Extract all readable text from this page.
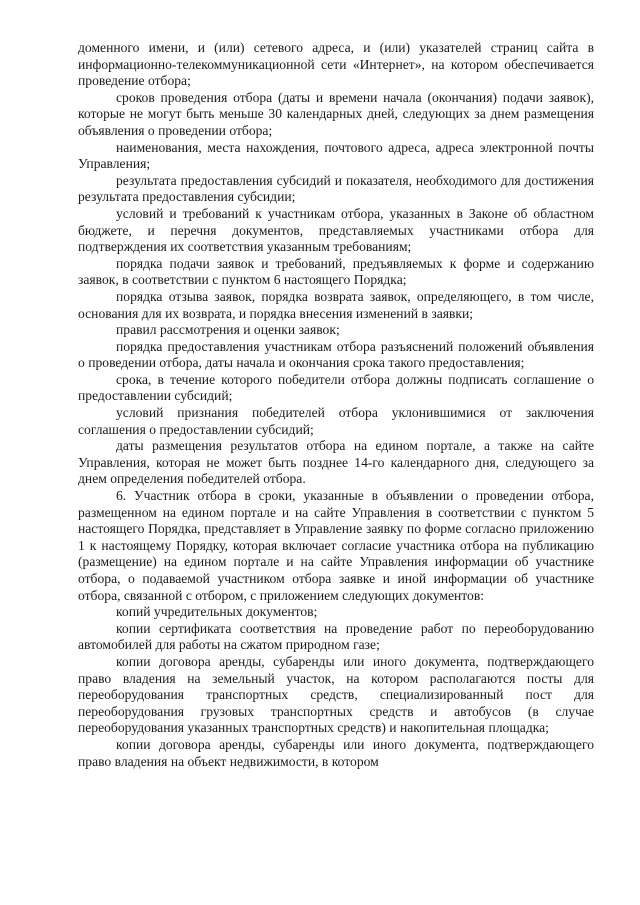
доменного имени, и (или) сетевого адреса, и (или) указателей страниц сайта в информационно-телекоммуникационной сети «Интернет», на котором обеспечивается проведение отбора;

сроков проведения отбора (даты и времени начала (окончания) подачи заявок), которые не могут быть меньше 30 календарных дней, следующих за днем размещения объявления о проведении отбора;

наименования, места нахождения, почтового адреса, адреса электронной почты Управления;

результата предоставления субсидий и показателя, необходимого для достижения результата предоставления субсидии;

условий и требований к участникам отбора, указанных в Законе об областном бюджете, и перечня документов, представляемых участниками отбора для подтверждения их соответствия указанным требованиям;

порядка подачи заявок и требований, предъявляемых к форме и содержанию заявок, в соответствии с пунктом 6 настоящего Порядка;

порядка отзыва заявок, порядка возврата заявок, определяющего, в том числе, основания для их возврата, и порядка внесения изменений в заявки;

правил рассмотрения и оценки заявок;

порядка предоставления участникам отбора разъяснений положений объявления о проведении отбора, даты начала и окончания срока такого предоставления;

срока, в течение которого победители отбора должны подписать соглашение о предоставлении субсидий;

условий признания победителей отбора уклонившимися от заключения соглашения о предоставлении субсидий;

даты размещения результатов отбора на едином портале, а также на сайте Управления, которая не может быть позднее 14-го календарного дня, следующего за днем определения победителей отбора.

6. Участник отбора в сроки, указанные в объявлении о проведении отбора, размещенном на едином портале и на сайте Управления в соответствии с пунктом 5 настоящего Порядка, представляет в Управление заявку по форме согласно приложению 1 к настоящему Порядку, которая включает согласие участника отбора на публикацию (размещение) на едином портале и на сайте Управления информации об участнике отбора, о подаваемой участником отбора заявке и иной информации об участнике отбора, связанной с отбором, с приложением следующих документов:

копий учредительных документов;

копии сертификата соответствия на проведение работ по переоборудованию автомобилей для работы на сжатом природном газе;

копии договора аренды, субаренды или иного документа, подтверждающего право владения на земельный участок, на котором располагаются посты для переоборудования транспортных средств, специализированный пост для переоборудования грузовых транспортных средств и автобусов (в случае переоборудования указанных транспортных средств) и накопительная площадка;

копии договора аренды, субаренды или иного документа, подтверждающего право владения на объект недвижимости, в котором
